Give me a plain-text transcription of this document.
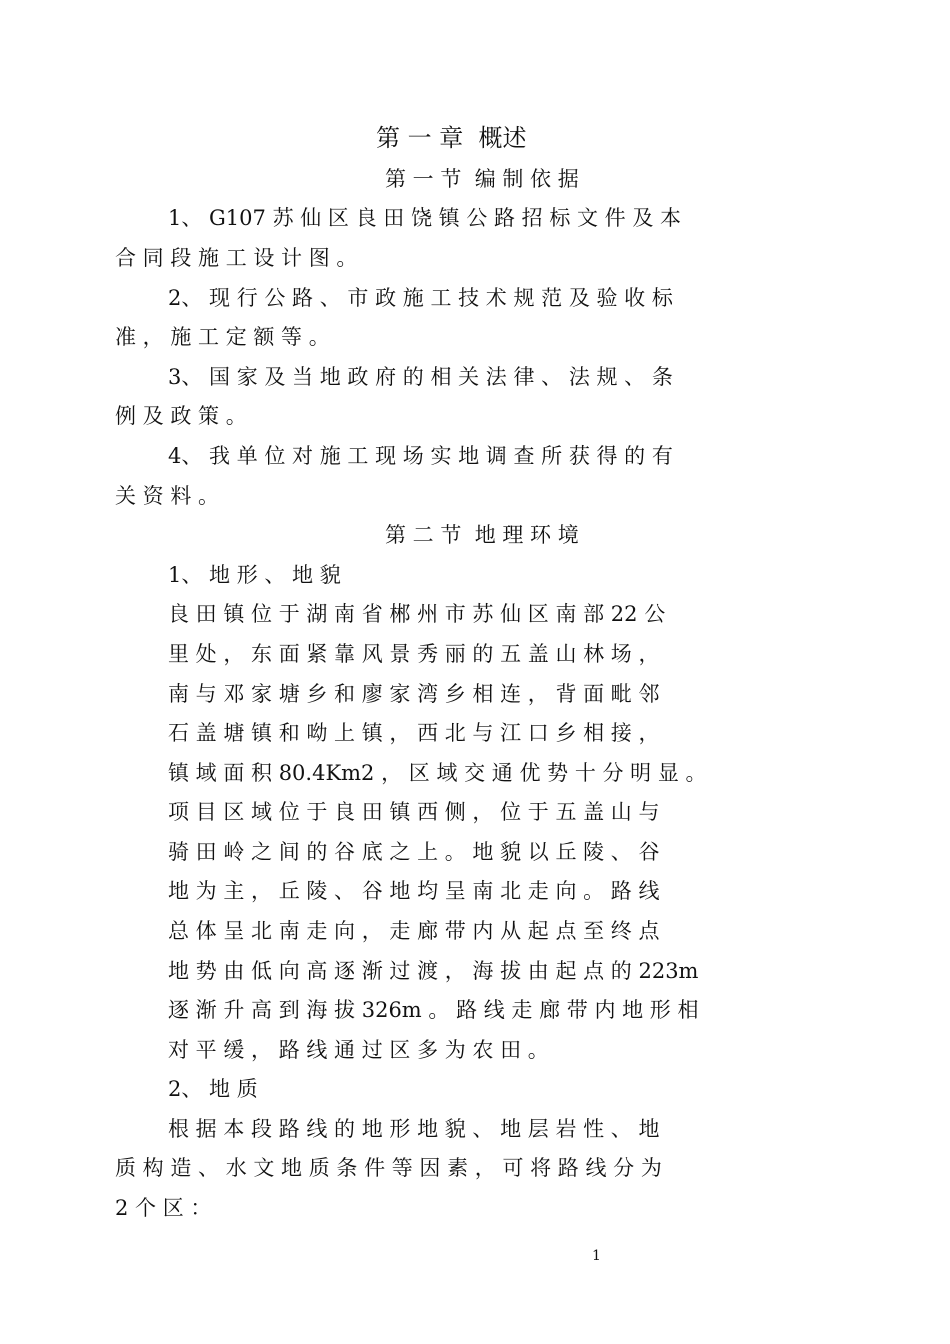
第 一 章  概述
第 一 节  编 制 依 据
1、 G107 苏 仙 区 良 田 饶 镇 公 路 招 标 文 件 及 本
合 同 段 施 工 设 计 图 。
2、 现 行 公 路 、 市 政 施 工 技 术 规 范 及 验 收 标
准 ， 施 工 定 额 等 。
3、 国 家 及 当 地 政 府 的 相 关 法 律 、 法 规 、 条
例 及 政 策 。
4、 我 单 位 对 施 工 现 场 实 地 调 查 所 获 得 的 有
关 资 料 。
第 二 节  地 理 环 境
1、 地 形 、 地 貌
良 田 镇 位 于 湖 南 省 郴 州 市 苏 仙 区 南 部 22 公
里 处 ， 东 面 紧 靠 风 景 秀 丽 的 五 盖 山 林 场 ，
南 与 邓 家 塘 乡 和 廖 家 湾 乡 相 连 ， 背 面 毗 邻
石 盖 塘 镇 和 呦 上 镇 ， 西 北 与 江 口 乡 相 接 ，
镇 域 面 积 80.4Km2 ， 区 域 交 通 优 势 十 分 明 显 。
项 目 区 域 位 于 良 田 镇 西 侧 ， 位 于 五 盖 山 与
骑 田 岭 之 间 的 谷 底 之 上 。 地 貌 以 丘 陵 、 谷
地 为 主 ， 丘 陵 、 谷 地 均 呈 南 北 走 向 。 路 线
总 体 呈 北 南 走 向 ， 走 廊 带 内 从 起 点 至 终 点
地 势 由 低 向 高 逐 渐 过 渡 ， 海 拔 由 起 点 的 223m
逐 渐 升 高 到 海 拔 326m 。 路 线 走 廊 带 内 地 形 相
对 平 缓 ， 路 线 通 过 区 多 为 农 田 。
2、 地 质
根 据 本 段 路 线 的 地 形 地 貌 、 地 层 岩 性 、 地
质 构 造 、 水 文 地 质 条 件 等 因 素 ， 可 将 路 线 分 为
2 个 区 ：
1
